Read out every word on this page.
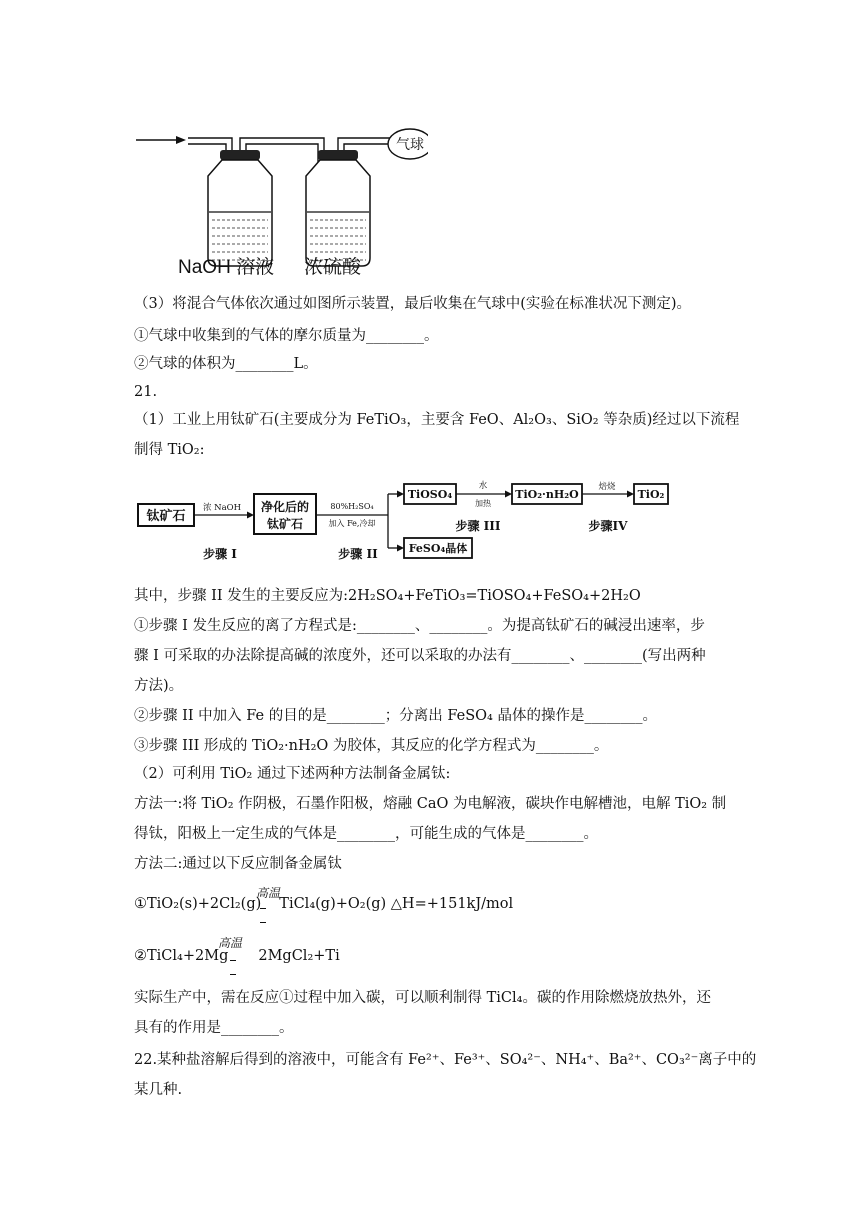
气球
NaOH 溶液 浓硫酸
（3）将混合气体依次通过如图所示装置，最后收集在气球中(实验在标准状况下测定)。
①气球中收集到的气体的摩尔质量为________。
②气球的体积为________L。
21.
（1）工业上用钛矿石(主要成分为 FeTiO₃，主要含 FeO、Al₂O₃、SiO₂ 等杂质)经过以下流程
制得 TiO₂:
钛矿石
浓 NaOH 净化后的
钛矿石
80%H₂SO₄
加入 Fe,冷却
TiOSO₄
FeSO₄晶体
水
加热
TiO₂·nH₂O
焙烧
TiO₂
步骤 I	步骤 II
步骤 III	步骤IV
其中，步骤 II 发生的主要反应为:2H₂SO₄+FeTiO₃=TiOSO₄+FeSO₄+2H₂O
①步骤 I 发生反应的离了方程式是:________、________。为提高钛矿石的碱浸出速率，步
骤 I 可采取的办法除提高碱的浓度外，还可以采取的办法有________、________(写出两种
方法)。
②步骤 II 中加入 Fe 的目的是________；分离出 FeSO₄ 晶体的操作是________。
③步骤 III 形成的 TiO₂·nH₂O 为胶体，其反应的化学方程式为________。
（2）可利用 TiO₂ 通过下述两种方法制备金属钛:
方法一:将 TiO₂ 作阴极，石墨作阳极，熔融 CaO 为电解液，碳块作电解槽池，电解 TiO₂ 制
得钛，阳极上一定生成的气体是________，可能生成的气体是________。
方法二:通过以下反应制备金属钛
①TiO₂(s)+2Cl₂(g) TiCl₄(g)+O₂(g) △H=+151kJ/mol
高温
②TiCl₄+2Mg 2MgCl₂+Ti
高温
实际生产中，需在反应①过程中加入碳，可以顺利制得 TiCl₄。碳的作用除燃烧放热外，还
具有的作用是________。
22.某种盐溶解后得到的溶液中，可能含有 Fe²⁺、Fe³⁺、SO₄²⁻、NH₄⁺、Ba²⁺、CO₃²⁻离子中的
某几种.
